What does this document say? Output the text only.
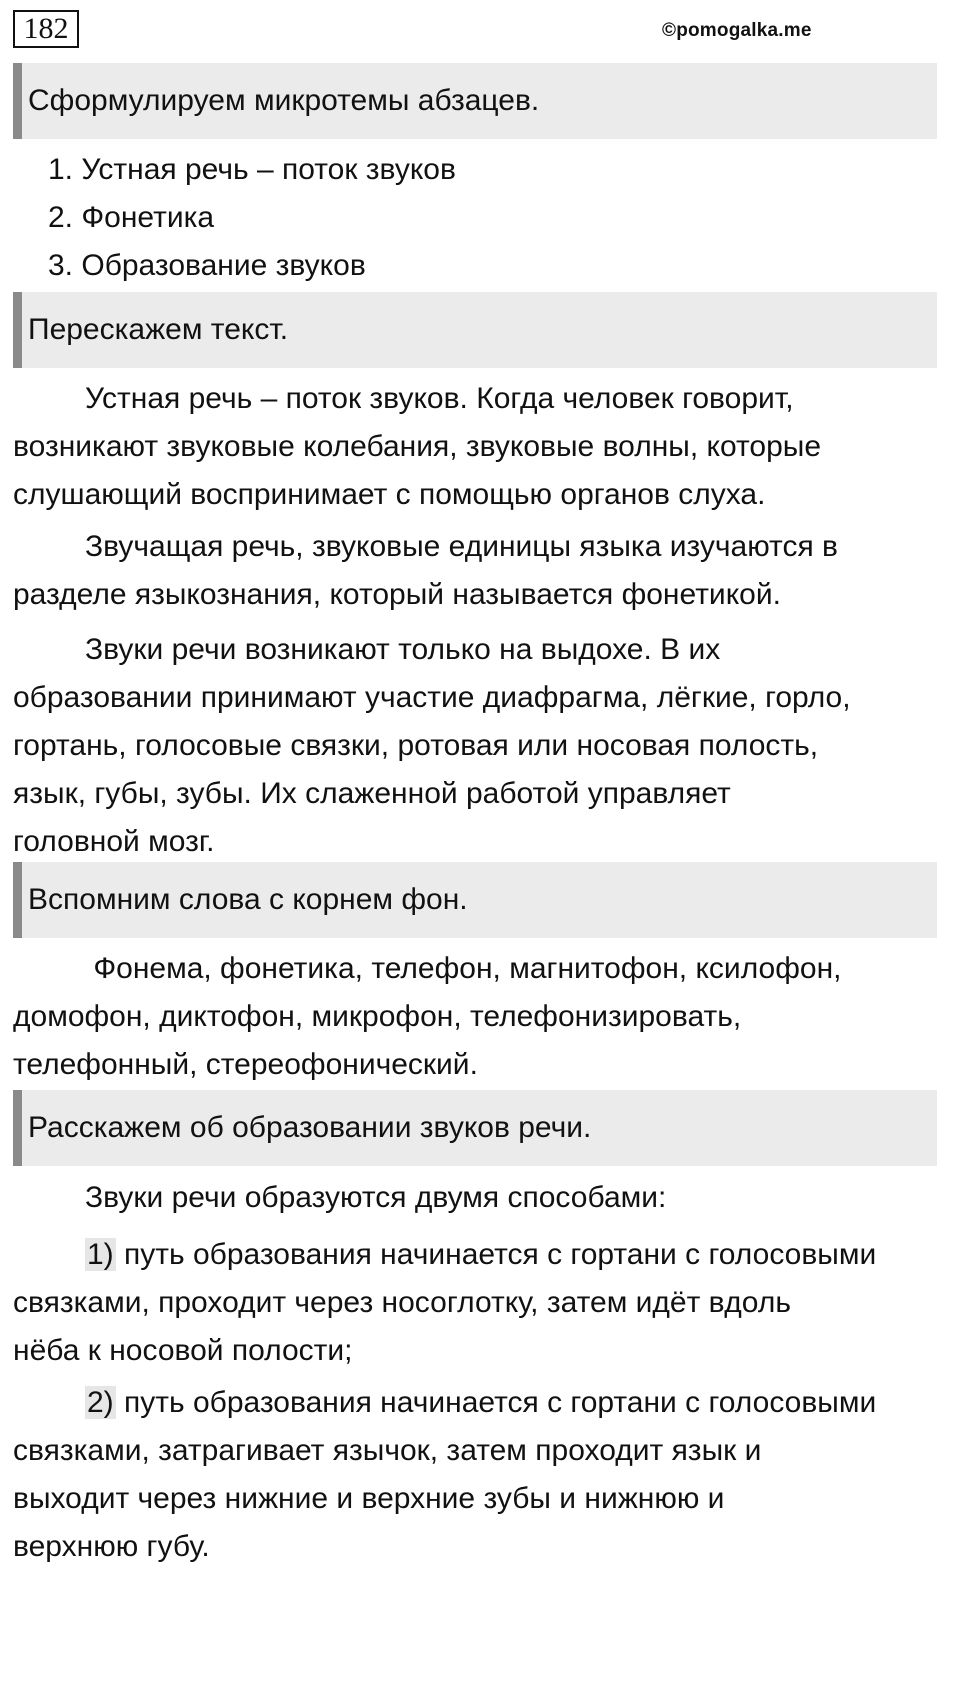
182	©pomogalka.me
Сформулируем микротемы абзацев.
1. Устная речь – поток звуков
2. Фонетика
3. Образование звуков
Перескажем текст.

Устная речь – поток звуков. Когда человек говорит,
возникают звуковые колебания, звуковые волны, которые
слушающий воспринимает с помощью органов слуха.

Звучащая речь, звуковые единицы языка изучаются в
разделе языкознания, который называется фонетикой.

Звуки речи возникают только на выдохе. В их
образовании принимают участие диафрагма, лёгкие, горло,
гортань, голосовые связки, ротовая или носовая полость,
язык, губы, зубы. Их слаженной работой управляет
головной мозг.

Вспомним слова с корнем фон.

Фонема, фонетика, телефон, магнитофон, ксилофон,
домофон, диктофон, микрофон, телефонизировать,
телефонный, стереофонический.

Расскажем об образовании звуков речи.

Звуки речи образуются двумя способами:

1) путь образования начинается с гортани с голосовыми
связками, проходит через носоглотку, затем идёт вдоль
нёба к носовой полости;

2) путь образования начинается с гортани с голосовыми
связками, затрагивает язычок, затем проходит язык и
выходит через нижние и верхние зубы и нижнюю и
верхнюю губу.
